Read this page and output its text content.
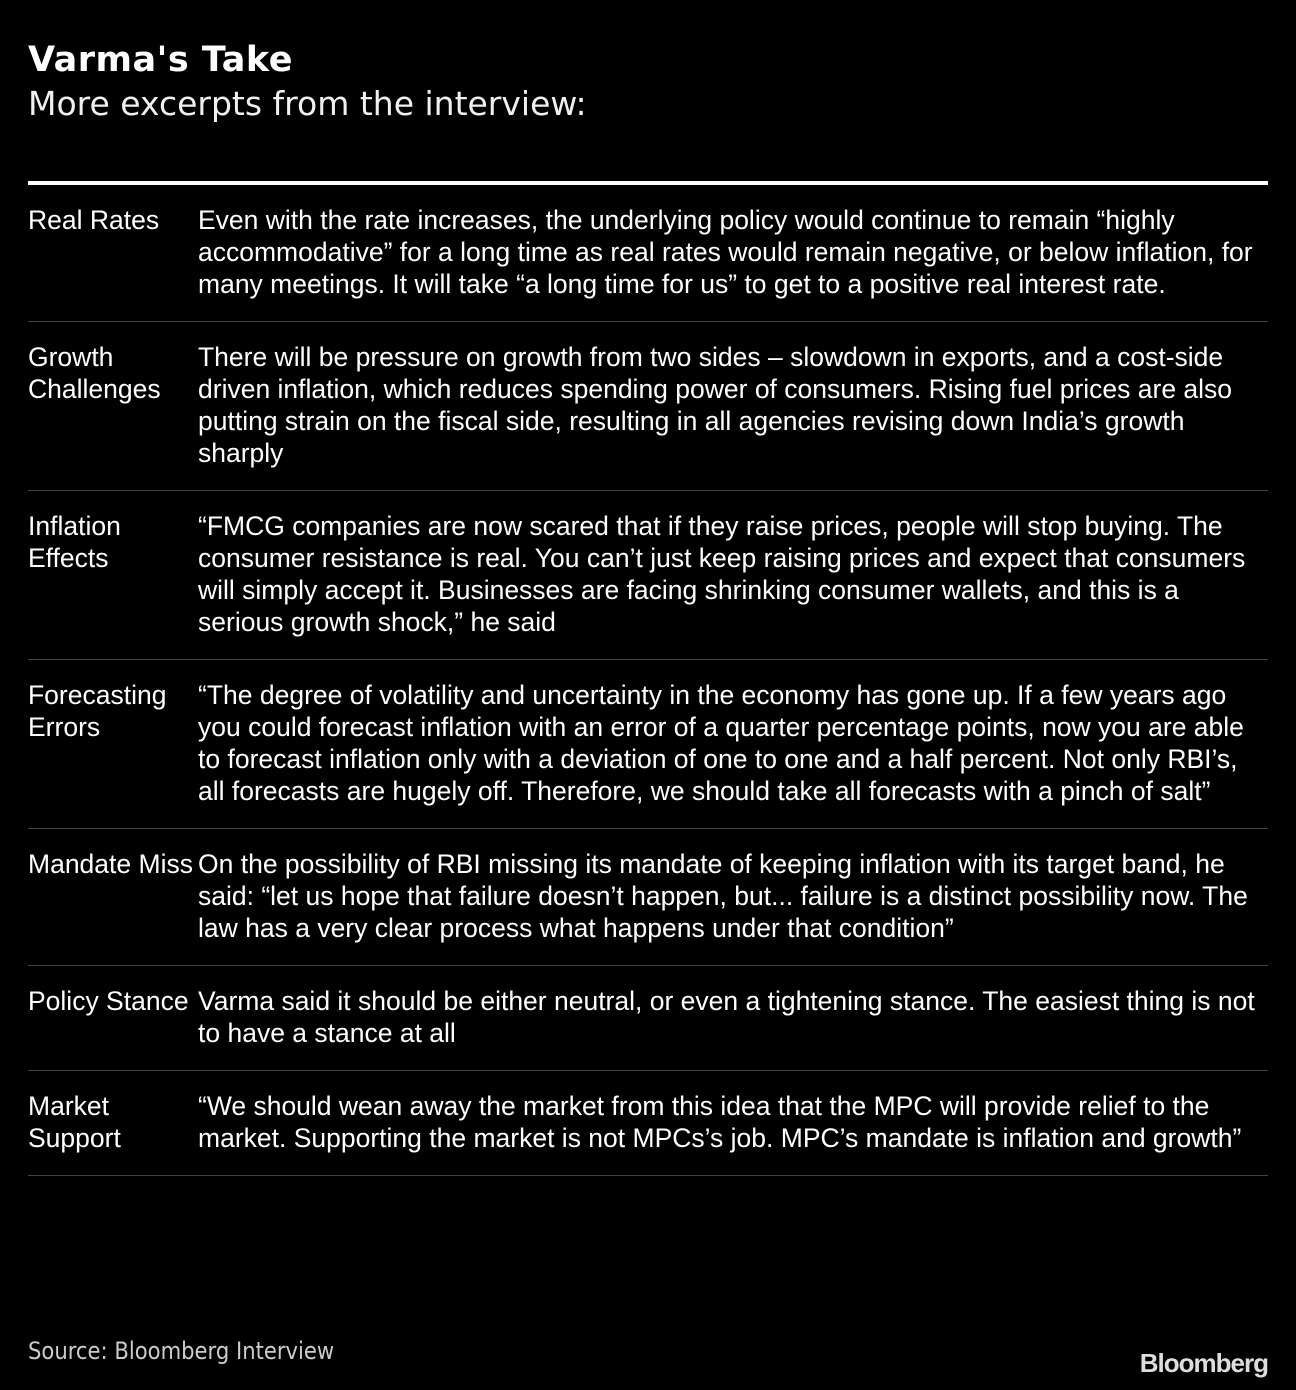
Varma's Take
More excerpts from the interview:
Real Rates	Even with the rate increases, the underlying policy would continue to remain “highly accommodative” for a long time as real rates would remain negative, or below inflation, for many meetings. It will take “a long time for us” to get to a positive real interest rate.
Growth Challenges
There will be pressure on growth from two sides – slowdown in exports, and a cost-side driven inflation, which reduces spending power of consumers. Rising fuel prices are also putting strain on the fiscal side, resulting in all agencies revising down India’s growth sharply
Inflation Effects
“FMCG companies are now scared that if they raise prices, people will stop buying. The consumer resistance is real. You can’t just keep raising prices and expect that consumers will simply accept it. Businesses are facing shrinking consumer wallets, and this is a serious growth shock,” he said
Forecasting Errors
“The degree of volatility and uncertainty in the economy has gone up. If a few years ago you could forecast inflation with an error of a quarter percentage points, now you are able to forecast inflation only with a deviation of one to one and a half percent. Not only RBI’s, all forecasts are hugely off. Therefore, we should take all forecasts with a pinch of salt”
Mandate Miss On the possibility of RBI missing its mandate of keeping inflation with its target band, he said: “let us hope that failure doesn’t happen, but... failure is a distinct possibility now. The law has a very clear process what happens under that condition”
Policy Stance Varma said it should be either neutral, or even a tightening stance. The easiest thing is not to have a stance at all
Market Support
“We should wean away the market from this idea that the MPC will provide relief to the market. Supporting the market is not MPCs’s job. MPC’s mandate is inflation and growth”
Source: Bloomberg Interview	Bloomberg
